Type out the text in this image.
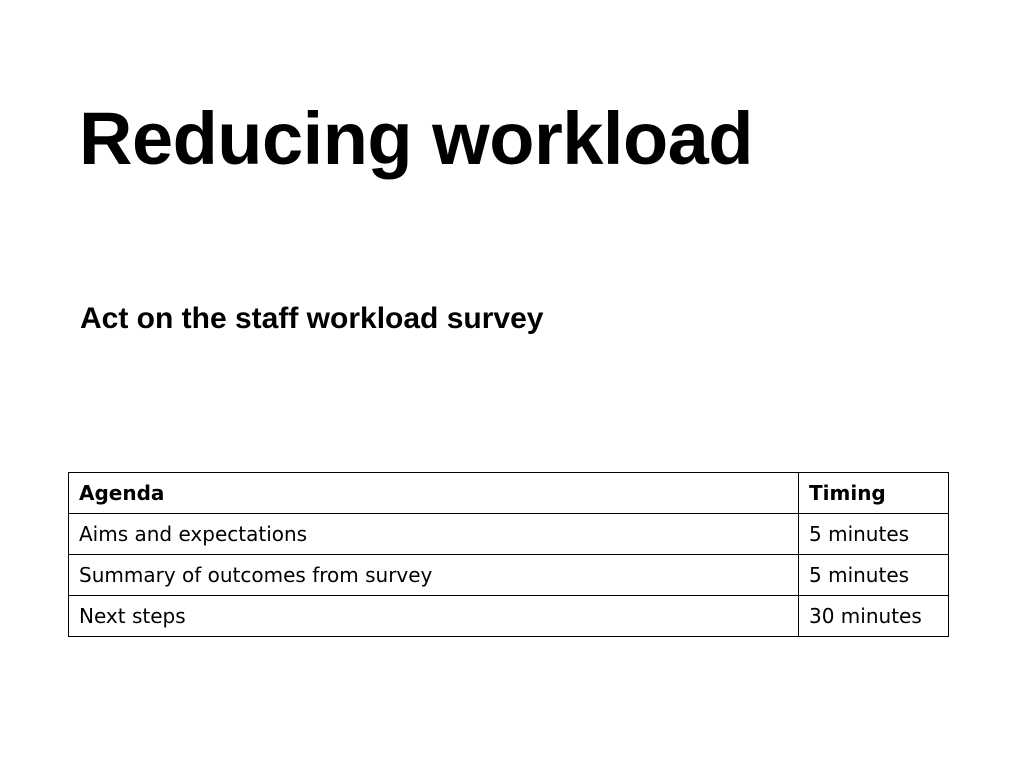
Reducing workload
Act on the staff workload survey
Agenda	Timing
Aims and expectations	5 minutes
Summary of outcomes from survey	5 minutes
Next steps	30 minutes
